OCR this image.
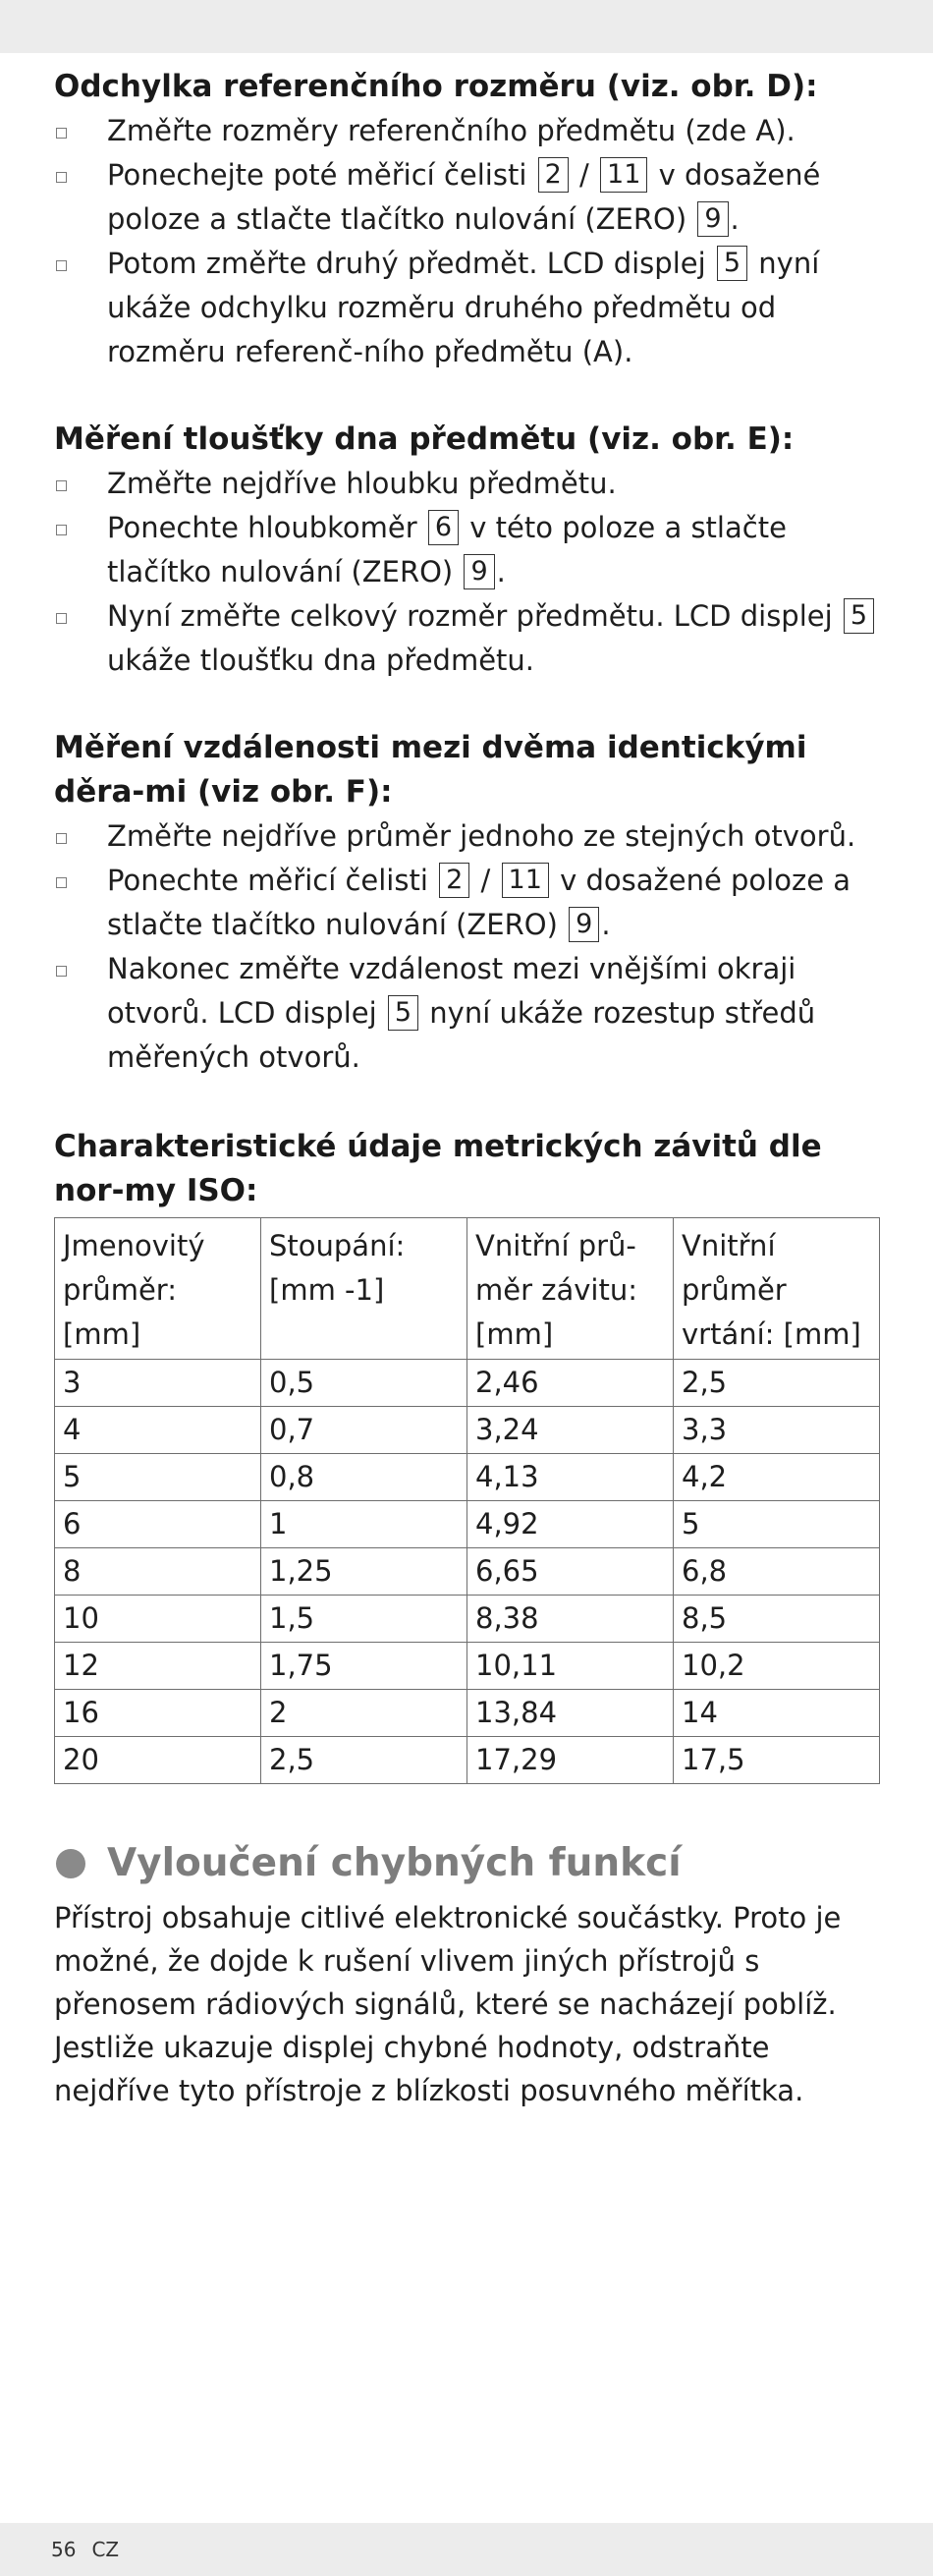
Odchylka referenčního rozměru (viz. obr. D):
Změřte rozměry referenčního předmětu (zde A).
Ponechejte poté měřicí čelisti 2 / 11 v dosažené poloze a stlačte tlačítko nulování (ZERO) 9 .
Potom změřte druhý předmět. LCD displej 5 nyní ukáže odchylku rozměru druhého předmětu od rozměru referenč-ního předmětu (A).
Měření tloušťky dna předmětu (viz. obr. E):
Změřte nejdříve hloubku předmětu.
Ponechte hloubkoměr 6 v této poloze a stlačte tlačítko nulování (ZERO) 9 .
Nyní změřte celkový rozměr předmětu. LCD displej 5 ukáže tloušťku dna předmětu.
Měření vzdálenosti mezi dvěma identickými děra-mi (viz obr. F):
Změřte nejdříve průměr jednoho ze stejných otvorů.
Ponechte měřicí čelisti 2 / 11 v dosažené poloze a stlačte tlačítko nulování (ZERO) 9 .
Nakonec změřte vzdálenost mezi vnějšími okraji otvorů. LCD displej 5 nyní ukáže rozestup středů měřených otvorů.
Charakteristické údaje metrických závitů dle nor-my ISO:
Jmenovitý průměr: [mm]	Stoupání: [mm -1]	Vnitřní prů-měr závitu: [mm]	Vnitřní průměr vrtání: [mm]
3	0,5	2,46	2,5
4	0,7	3,24	3,3
5	0,8	4,13	4,2
6	1	4,92	5
8	1,25	6,65	6,8
10	1,5	8,38	8,5
12	1,75	10,11	10,2
16	2	13,84	14
20	2,5	17,29	17,5
Vyloučení chybných funkcí

Přístroj obsahuje citlivé elektronické součástky. Proto je možné, že dojde k rušení vlivem jiných přístrojů s přenosem rádiových signálů, které se nacházejí poblíž. Jestliže ukazuje displej chybné hodnoty, odstraňte nejdříve tyto přístroje z blízkosti posuvného měřítka.

56 CZ
